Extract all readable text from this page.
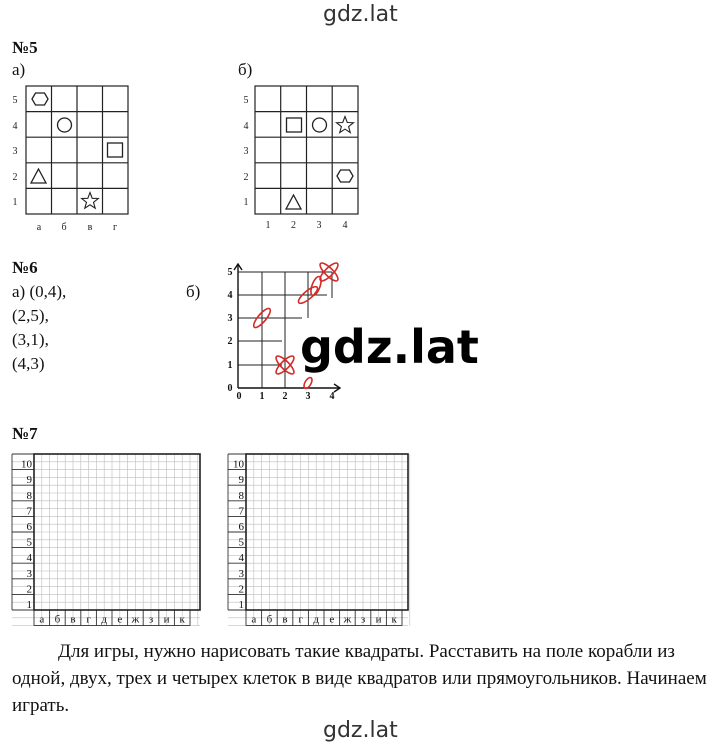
gdz.lat
gdz.lat
№5
а)	б)
5
4
3
2
1
а б в г
5
4
3
2
1
1 2 3 4
№6
а) (0,4),
(2,5),
(3,1),
(4,3)
б)
5
4
3
2
1
0
0 1 2 3 4
gdz.lat
№7
10
9
8
7
6
5
4
3
2
1
а б в г д е ж з и к
10
9
8
7
6
5
4
3
2
1
а б в г д е ж з и к
Для игры, нужно нарисовать такие квадраты. Расставить на поле корабли из одной, двух, трех и четырех клеток в виде квадратов или прямоугольников. Начинаем играть.
